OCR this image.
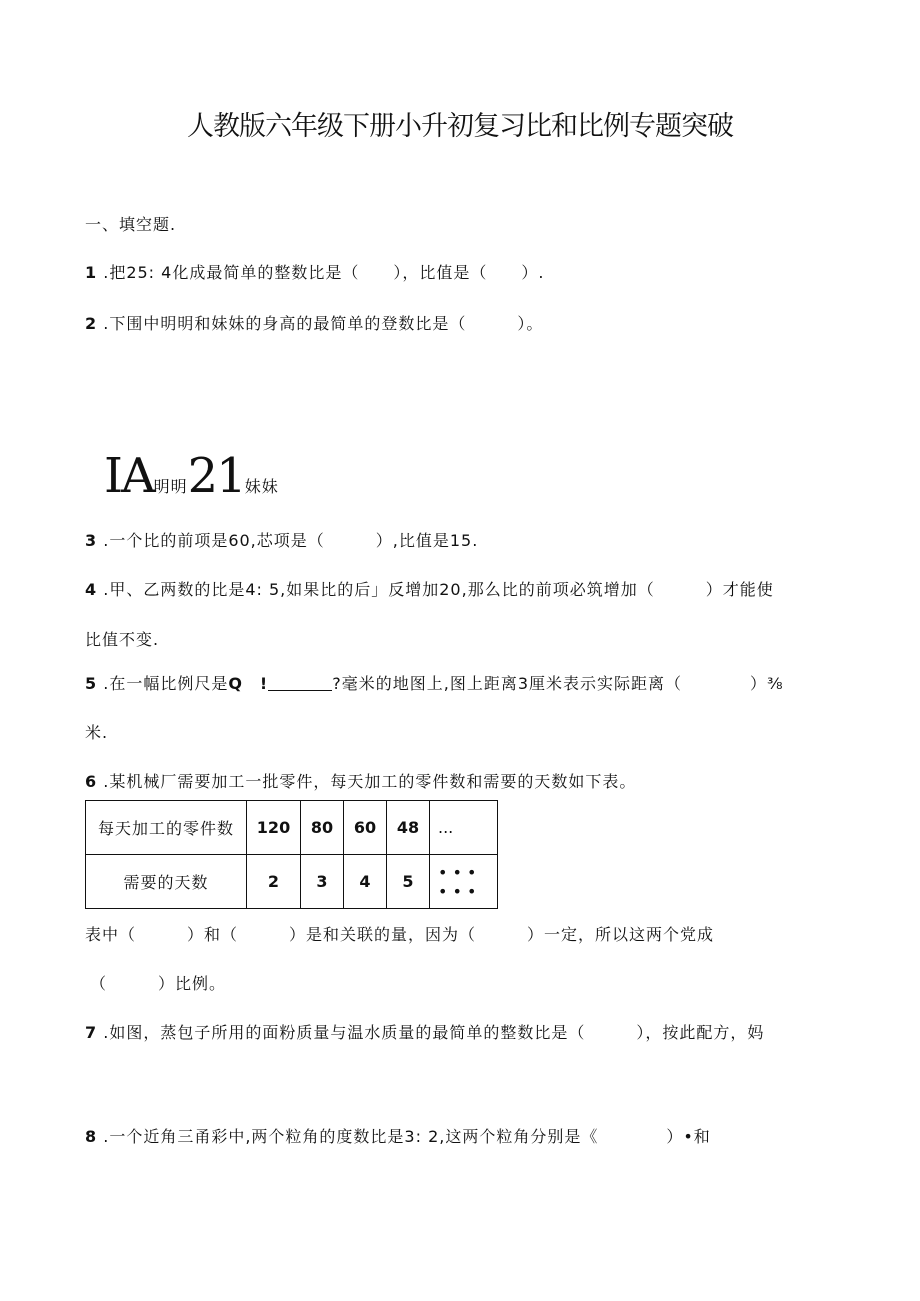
人教版六年级下册小升初复习比和比例专题突破
一、填空题.
1 .把25: 4化成最简单的整数比是（　　），比值是（　　）.
2 .下围中明明和妹妹的身高的最简单的登数比是（　　　）。
IA明明21妹妹
3 .一个比的前项是60,芯项是（　　　）,比值是15.
4 .甲、乙两数的比是4: 5,如果比的后」反增加20,那么比的前项必筑增加（　　　）才能使
比值不变.
5 .在一幅比例尺是Q　!	?毫米的地图上,图上距离3厘米表示实际距离（　　　　）⅜
米.
6 .某机械厂需要加工一批零件，每天加工的零件数和需要的天数如下表。
每天加工的零件数	120	80	60	48	...
需要的天数	2	3	4	5	• • •
• • •
表中（　　　）和（　　　）是和关联的量，因为（　　　）一定，所以这两个党成
（　　　）比例。
7 .如图，蒸包子所用的面粉质量与温水质量的最简单的整数比是（　　　），按此配方，妈
8 .一个近角三甬彩中,两个粒角的度数比是3: 2,这两个粒角分别是《　　　　）•和
